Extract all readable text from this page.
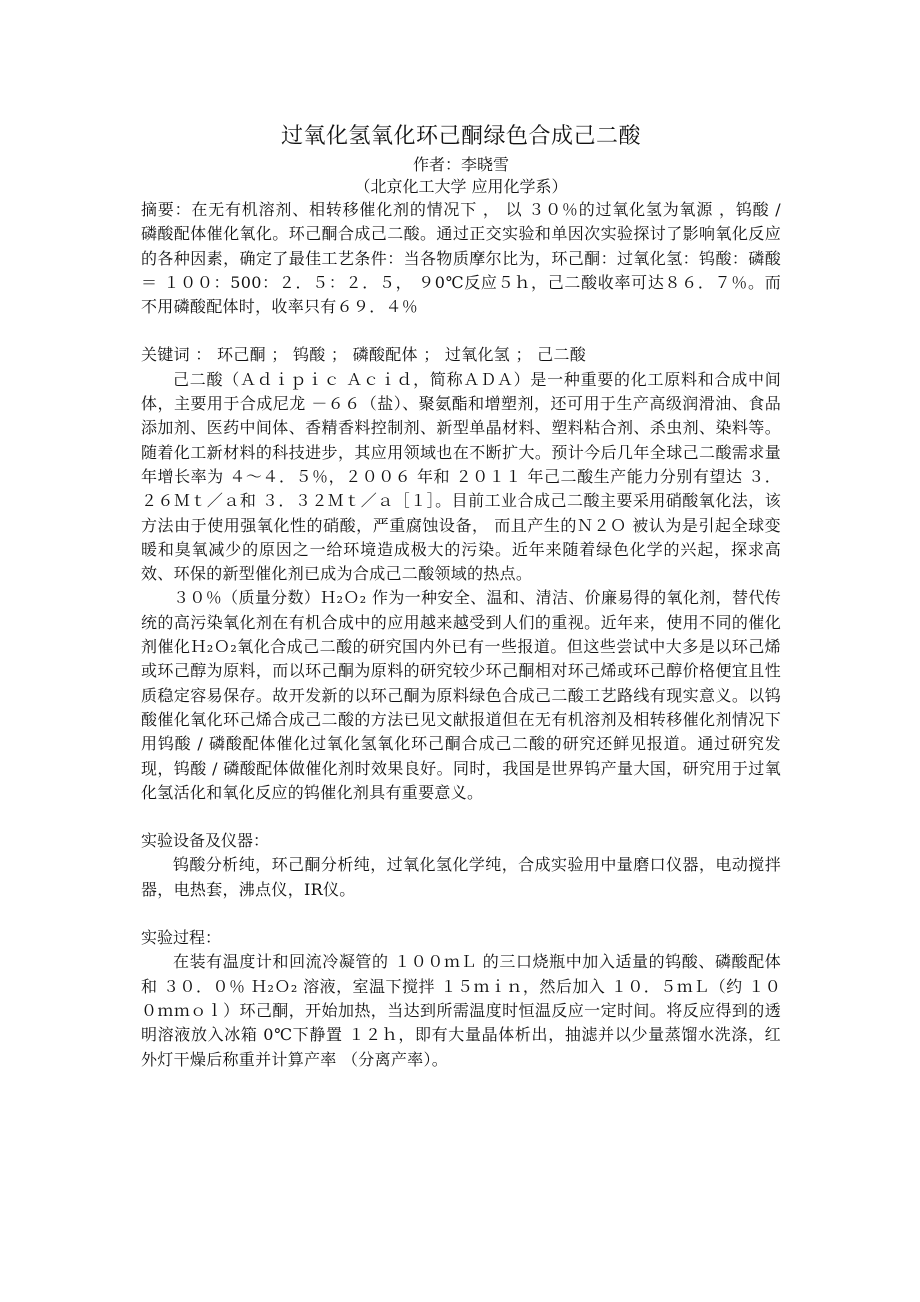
过氧化氢氧化环己酮绿色合成己二酸

作者：李晓雪

（北京化工大学 应用化学系）

摘要：在无有机溶剂、相转移催化剂的情况下 ， 以 ３０％的过氧化氢为氧源 ，钨酸 / 磷酸配体催化氧化。环己酮合成己二酸。通过正交实验和单因次实验探讨了影响氧化反应的各种因素，确定了最佳工艺条件：当各物质摩尔比为，环己酮：过氧化氢：钨酸：磷酸 ＝ １００：500：２．５：２．５， ９0℃反应５ｈ，己二酸收率可达８６．７％。而不用磷酸配体时，收率只有６９．４％

关键词 ： 环己酮 ； 钨酸 ； 磷酸配体 ； 过氧化氢 ； 己二酸

己二酸（Ａｄｉｐｉｃ Ａｃｉｄ，简称ＡＤＡ）是一种重要的化工原料和合成中间体，主要用于合成尼龙 －６６（盐）、聚氨酯和增塑剂，还可用于生产高级润滑油、食品添加剂、医药中间体、香精香料控制剂、新型单晶材料、塑料粘合剂、杀虫剂、染料等。随着化工新材料的科技进步，其应用领域也在不断扩大。预计今后几年全球己二酸需求量年增长率为 ４～４．５％，２００６ 年和 ２０１１ 年己二酸生产能力分别有望达 ３．２６Ｍｔ／ａ和 ３．３２Ｍｔ／ａ［１］。目前工业合成己二酸主要采用硝酸氧化法，该方法由于使用强氧化性的硝酸，严重腐蚀设备， 而且产生的Ｎ２Ｏ 被认为是引起全球变暖和臭氧减少的原因之一给环境造成极大的污染。近年来随着绿色化学的兴起，探求高效、环保的新型催化剂已成为合成己二酸领域的热点。

３０％（质量分数）Ｈ₂Ｏ₂ 作为一种安全、温和、清洁、价廉易得的氧化剂，替代传统的高污染氧化剂在有机合成中的应用越来越受到人们的重视。近年来，使用不同的催化剂催化Ｈ₂Ｏ₂氧化合成己二酸的研究国内外已有一些报道。但这些尝试中大多是以环己烯或环己醇为原料，而以环己酮为原料的研究较少环己酮相对环己烯或环己醇价格便宜且性质稳定容易保存。故开发新的以环己酮为原料绿色合成己二酸工艺路线有现实意义。以钨酸催化氧化环己烯合成己二酸的方法已见文献报道但在无有机溶剂及相转移催化剂情况下用钨酸 / 磷酸配体催化过氧化氢氧化环己酮合成己二酸的研究还鲜见报道。通过研究发现，钨酸 / 磷酸配体做催化剂时效果良好。同时，我国是世界钨产量大国，研究用于过氧化氢活化和氧化反应的钨催化剂具有重要意义。

实验设备及仪器：

钨酸分析纯，环己酮分析纯，过氧化氢化学纯，合成实验用中量磨口仪器，电动搅拌器，电热套，沸点仪，IR仪。

实验过程：

在装有温度计和回流冷凝管的 １００ｍＬ 的三口烧瓶中加入适量的钨酸、磷酸配体和 ３０．０％ Ｈ₂Ｏ₂ 溶液，室温下搅拌 １５ｍｉｎ，然后加入 １０．５ｍＬ（约 １００ｍｍｏｌ）环己酮，开始加热，当达到所需温度时恒温反应一定时间。将反应得到的透明溶液放入冰箱 0℃下静置 １２ｈ，即有大量晶体析出，抽滤并以少量蒸馏水洗涤，红外灯干燥后称重并计算产率 （分离产率）。
